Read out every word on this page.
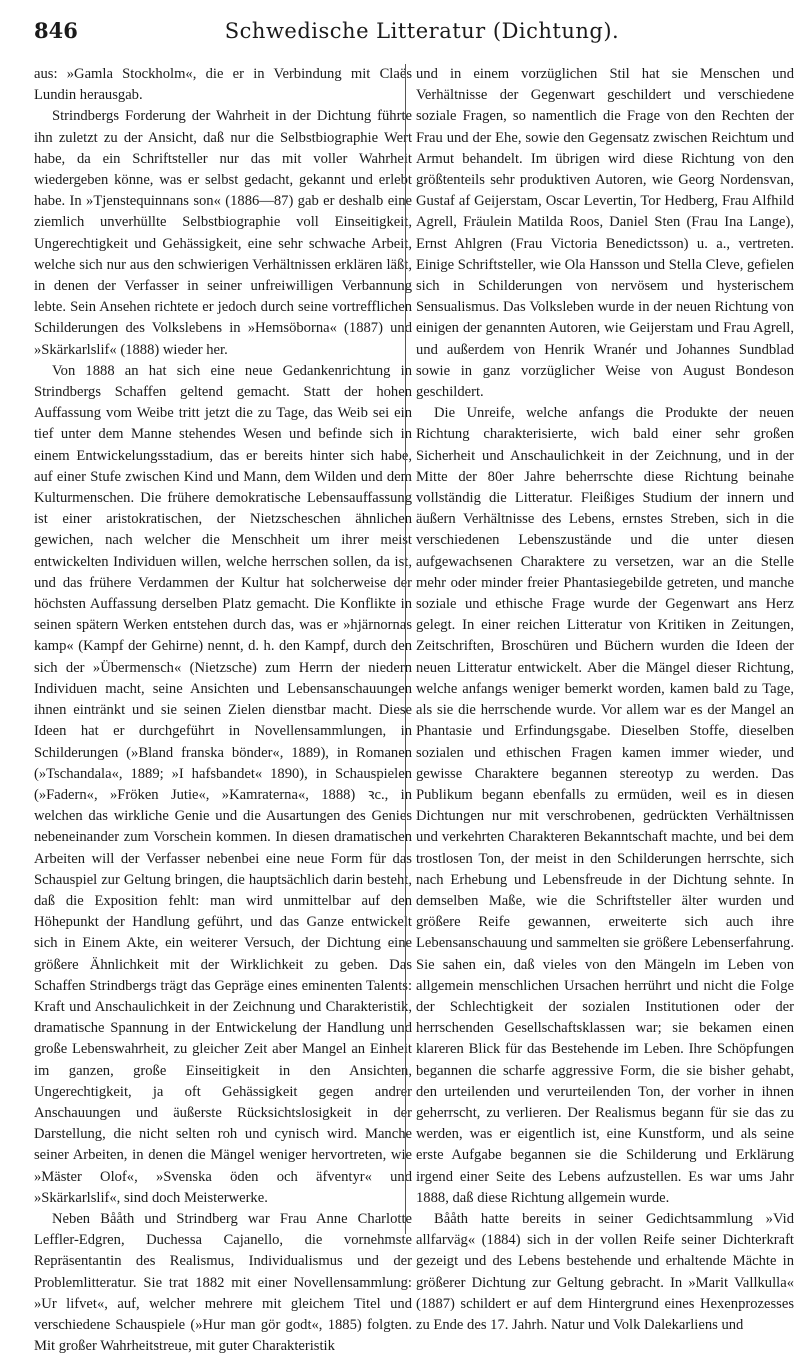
846	Schwedische Litteratur (Dichtung).

aus: »Gamla Stockholm«, die er in Verbindung mit Claës Lundin herausgab.

Strindbergs Forderung der Wahrheit in der Dichtung führte ihn zuletzt zu der Ansicht, daß nur die Selbstbiographie Wert habe, da ein Schriftsteller nur das mit voller Wahrheit wiedergeben könne, was er selbst gedacht, gekannt und erlebt habe. In »Tjenstequinnans son« (1886—87) gab er deshalb eine ziemlich unverhüllte Selbstbiographie voll Einseitigkeit, Ungerechtigkeit und Gehässigkeit, eine sehr schwache Arbeit, welche sich nur aus den schwierigen Verhältnissen erklären läßt, in denen der Verfasser in seiner unfreiwilligen Verbannung lebte. Sein Ansehen richtete er jedoch durch seine vortrefflichen Schilderungen des Volkslebens in »Hemsöborna« (1887) und »Skärkarlslif« (1888) wieder her.

Von 1888 an hat sich eine neue Gedankenrichtung in Strindbergs Schaffen geltend gemacht. Statt der hohen Auffassung vom Weibe tritt jetzt die zu Tage, das Weib sei ein tief unter dem Manne stehendes Wesen und befinde sich in einem Entwickelungsstadium, das er bereits hinter sich habe, auf einer Stufe zwischen Kind und Mann, dem Wilden und dem Kulturmenschen. Die frühere demokratische Lebensauffassung ist einer aristokratischen, der Nietzscheschen ähnlichen gewichen, nach welcher die Menschheit um ihrer meist entwickelten Individuen willen, welche herrschen sollen, da ist, und das frühere Verdammen der Kultur hat solcherweise der höchsten Auffassung derselben Platz gemacht. Die Konflikte in seinen spätern Werken entstehen durch das, was er »hjärnornas kamp« (Kampf der Gehirne) nennt, d. h. den Kampf, durch den sich der »Übermensch« (Nietzsche) zum Herrn der niedern Individuen macht, seine Ansichten und Lebensanschauungen ihnen eintränkt und sie seinen Zielen dienstbar macht. Diese Ideen hat er durchgeführt in Novellensammlungen, in Schilderungen (»Bland franska bönder«, 1889), in Romanen (»Tschandala«, 1889; »I hafsbandet« 1890), in Schauspielen (»Fadern«, »Fröken Jutie«, »Kamraterna«, 1888) ꝛc., in welchen das wirkliche Genie und die Ausartungen des Genies nebeneinander zum Vorschein kommen. In diesen dramatischen Arbeiten will der Verfasser nebenbei eine neue Form für das Schauspiel zur Geltung bringen, die hauptsächlich darin besteht, daß die Exposition fehlt: man wird unmittelbar auf den Höhepunkt der Handlung geführt, und das Ganze entwickelt sich in Einem Akte, ein weiterer Versuch, der Dichtung eine größere Ähnlichkeit mit der Wirklichkeit zu geben. Das Schaffen Strindbergs trägt das Gepräge eines eminenten Talents: Kraft und Anschaulichkeit in der Zeichnung und Charakteristik, dramatische Spannung in der Entwickelung der Handlung und große Lebenswahrheit, zu gleicher Zeit aber Mangel an Einheit im ganzen, große Einseitigkeit in den Ansichten, Ungerechtigkeit, ja oft Gehässigkeit gegen andrer Anschauungen und äußerste Rücksichtslosigkeit in der Darstellung, die nicht selten roh und cynisch wird. Manche seiner Arbeiten, in denen die Mängel weniger hervortreten, wie »Mäster Olof«, »Svenska öden och äfventyr« und »Skärkarlslif«, sind doch Meisterwerke.

Neben Bååth und Strindberg war Frau Anne Charlotte Leffler-Edgren, Duchessa Cajanello, die vornehmste Repräsentantin des Realismus, Individualismus und der Problemlitteratur. Sie trat 1882 mit einer Novellensammlung: »Ur lifvet«, auf, welcher mehrere mit gleichem Titel und verschiedene Schauspiele (»Hur man gör godt«, 1885) folgten. Mit großer Wahrheitstreue, mit guter Charakteristik

und in einem vorzüglichen Stil hat sie Menschen und Verhältnisse der Gegenwart geschildert und verschiedene soziale Fragen, so namentlich die Frage von den Rechten der Frau und der Ehe, sowie den Gegensatz zwischen Reichtum und Armut behandelt. Im übrigen wird diese Richtung von den größtenteils sehr produktiven Autoren, wie Georg Nordensvan, Gustaf af Geijerstam, Oscar Levertin, Tor Hedberg, Frau Alfhild Agrell, Fräulein Matilda Roos, Daniel Sten (Frau Ina Lange), Ernst Ahlgren (Frau Victoria Benedictsson) u. a., vertreten. Einige Schriftsteller, wie Ola Hansson und Stella Cleve, gefielen sich in Schilderungen von nervösem und hysterischem Sensualismus. Das Volksleben wurde in der neuen Richtung von einigen der genannten Autoren, wie Geijerstam und Frau Agrell, und außerdem von Henrik Wranér und Johannes Sundblad sowie in ganz vorzüglicher Weise von August Bondeson geschildert.

Die Unreife, welche anfangs die Produkte der neuen Richtung charakterisierte, wich bald einer sehr großen Sicherheit und Anschaulichkeit in der Zeichnung, und in der Mitte der 80er Jahre beherrschte diese Richtung beinahe vollständig die Litteratur. Fleißiges Studium der innern und äußern Verhältnisse des Lebens, ernstes Streben, sich in die verschiedenen Lebenszustände und die unter diesen aufgewachsenen Charaktere zu versetzen, war an die Stelle mehr oder minder freier Phantasiegebilde getreten, und manche soziale und ethische Frage wurde der Gegenwart ans Herz gelegt. In einer reichen Litteratur von Kritiken in Zeitungen, Zeitschriften, Broschüren und Büchern wurden die Ideen der neuen Litteratur entwickelt. Aber die Mängel dieser Richtung, welche anfangs weniger bemerkt worden, kamen bald zu Tage, als sie die herrschende wurde. Vor allem war es der Mangel an Phantasie und Erfindungsgabe. Dieselben Stoffe, dieselben sozialen und ethischen Fragen kamen immer wieder, und gewisse Charaktere begannen stereotyp zu werden. Das Publikum begann ebenfalls zu ermüden, weil es in diesen Dichtungen nur mit verschrobenen, gedrückten Verhältnissen und verkehrten Charakteren Bekanntschaft machte, und bei dem trostlosen Ton, der meist in den Schilderungen herrschte, sich nach Erhebung und Lebensfreude in der Dichtung sehnte. In demselben Maße, wie die Schriftsteller älter wurden und größere Reife gewannen, erweiterte sich auch ihre Lebensanschauung und sammelten sie größere Lebenserfahrung. Sie sahen ein, daß vieles von den Mängeln im Leben von allgemein menschlichen Ursachen herrührt und nicht die Folge der Schlechtigkeit der sozialen Institutionen oder der herrschenden Gesellschaftsklassen war; sie bekamen einen klareren Blick für das Bestehende im Leben. Ihre Schöpfungen begannen die scharfe aggressive Form, die sie bisher gehabt, den urteilenden und verurteilenden Ton, der vorher in ihnen geherrscht, zu verlieren. Der Realismus begann für sie das zu werden, was er eigentlich ist, eine Kunstform, und als seine erste Aufgabe begannen sie die Schilderung und Erklärung irgend einer Seite des Lebens aufzustellen. Es war ums Jahr 1888, daß diese Richtung allgemein wurde.

Bååth hatte bereits in seiner Gedichtsammlung »Vid allfarväg« (1884) sich in der vollen Reife seiner Dichterkraft gezeigt und des Lebens bestehende und erhaltende Mächte in größerer Dichtung zur Geltung gebracht. In »Marit Vallkulla« (1887) schildert er auf dem Hintergrund eines Hexenprozesses zu Ende des 17. Jahrh. Natur und Volk Dalekarliens und
